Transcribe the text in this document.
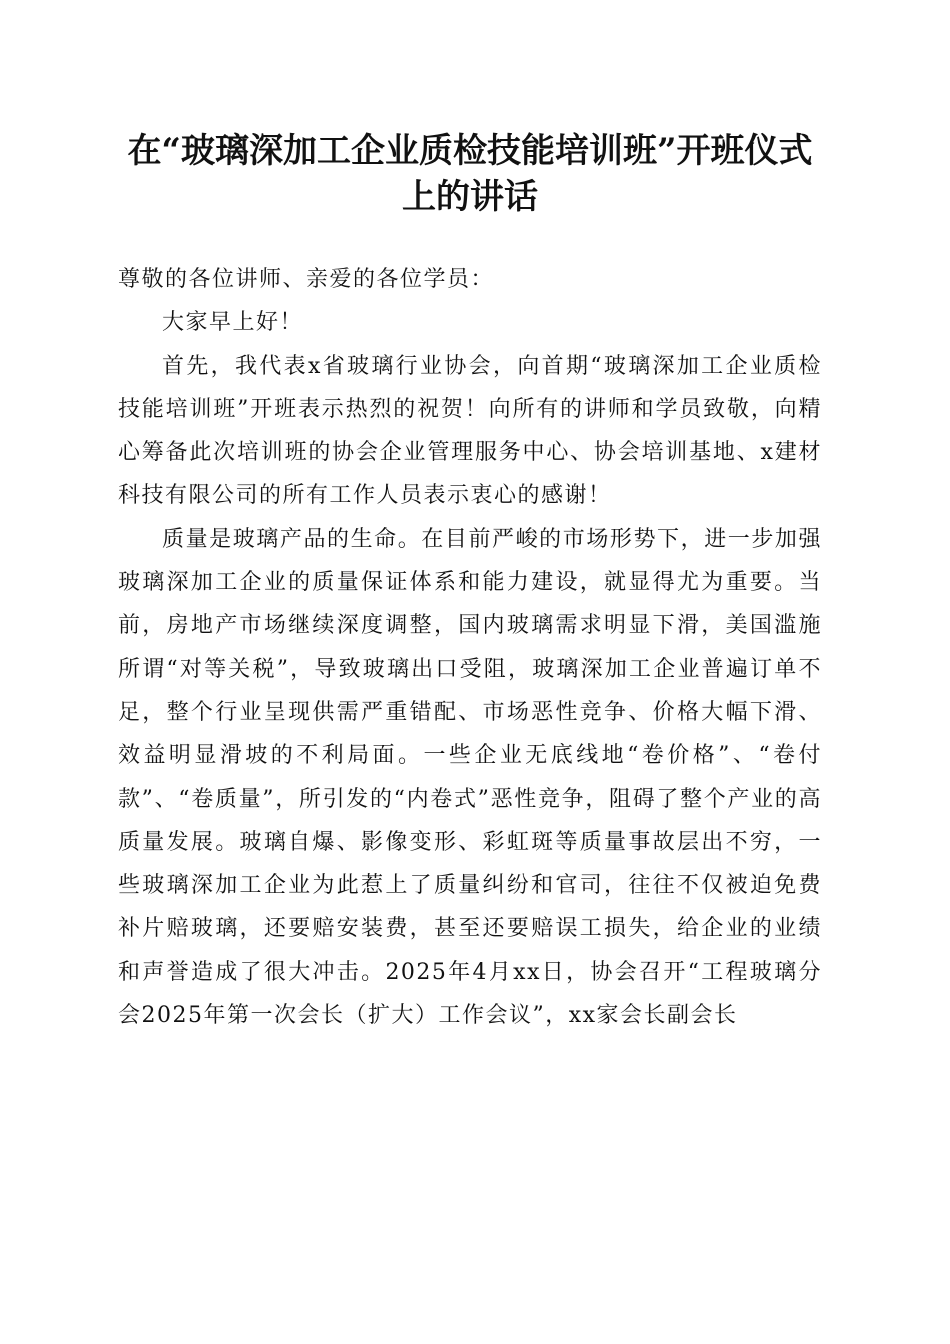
在“玻璃深加工企业质检技能培训班”开班仪式上的讲话

尊敬的各位讲师、亲爱的各位学员：

大家早上好！

首先，我代表x省玻璃行业协会，向首期“玻璃深加工企业质检技能培训班”开班表示热烈的祝贺！向所有的讲师和学员致敬，向精心筹备此次培训班的协会企业管理服务中心、协会培训基地、x建材科技有限公司的所有工作人员表示衷心的感谢！

质量是玻璃产品的生命。在目前严峻的市场形势下，进一步加强玻璃深加工企业的质量保证体系和能力建设，就显得尤为重要。当前，房地产市场继续深度调整，国内玻璃需求明显下滑，美国滥施所谓“对等关税”，导致玻璃出口受阻，玻璃深加工企业普遍订单不足，整个行业呈现供需严重错配、市场恶性竞争、价格大幅下滑、效益明显滑坡的不利局面。一些企业无底线地“卷价格”、“卷付款”、“卷质量”，所引发的“内卷式”恶性竞争，阻碍了整个产业的高质量发展。玻璃自爆、影像变形、彩虹斑等质量事故层出不穷，一些玻璃深加工企业为此惹上了质量纠纷和官司，往往不仅被迫免费补片赔玻璃，还要赔安装费，甚至还要赔误工损失，给企业的业绩和声誉造成了很大冲击。2025年4月xx日，协会召开“工程玻璃分会2025年第一次会长（扩大）工作会议”，xx家会长副会长
